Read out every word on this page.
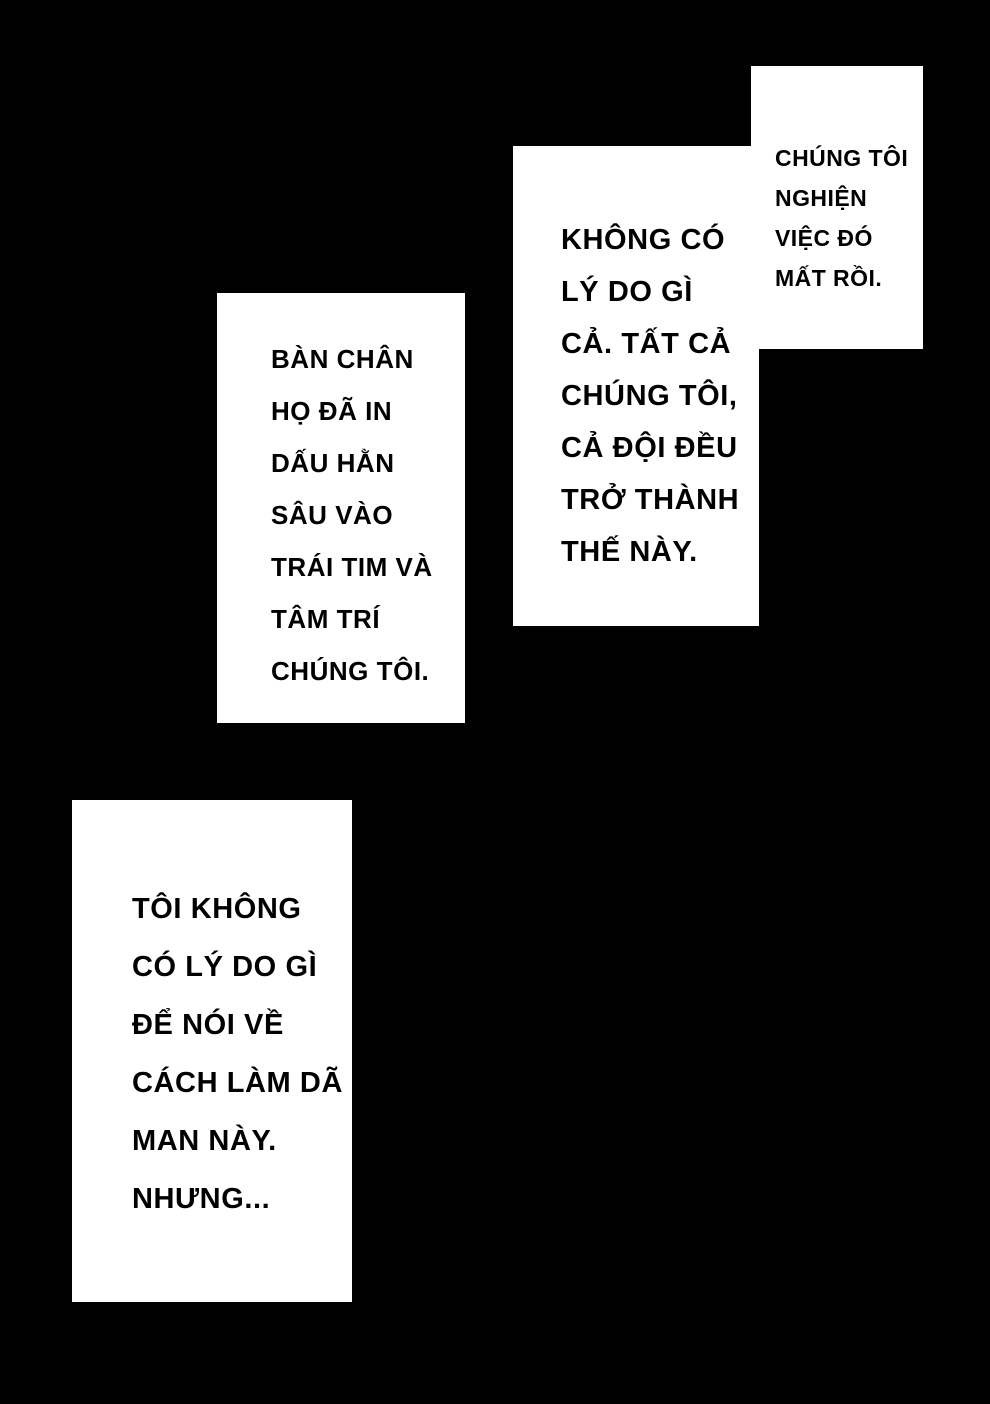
CHÚNG TÔI NGHIỆN VIỆC ĐÓ MẤT RỒI.
KHÔNG CÓ LÝ DO GÌ CẢ. TẤT CẢ CHÚNG TÔI, CẢ ĐỘI ĐỀU TRỞ THÀNH THẾ NÀY.
BÀN CHÂN HỌ ĐÃ IN DẤU HẰN SÂU VÀO TRÁI TIM VÀ TÂM TRÍ CHÚNG TÔI.
TÔI KHÔNG CÓ LÝ DO GÌ ĐỂ NÓI VỀ CÁCH LÀM DÃ MAN NÀY. NHƯNG...
